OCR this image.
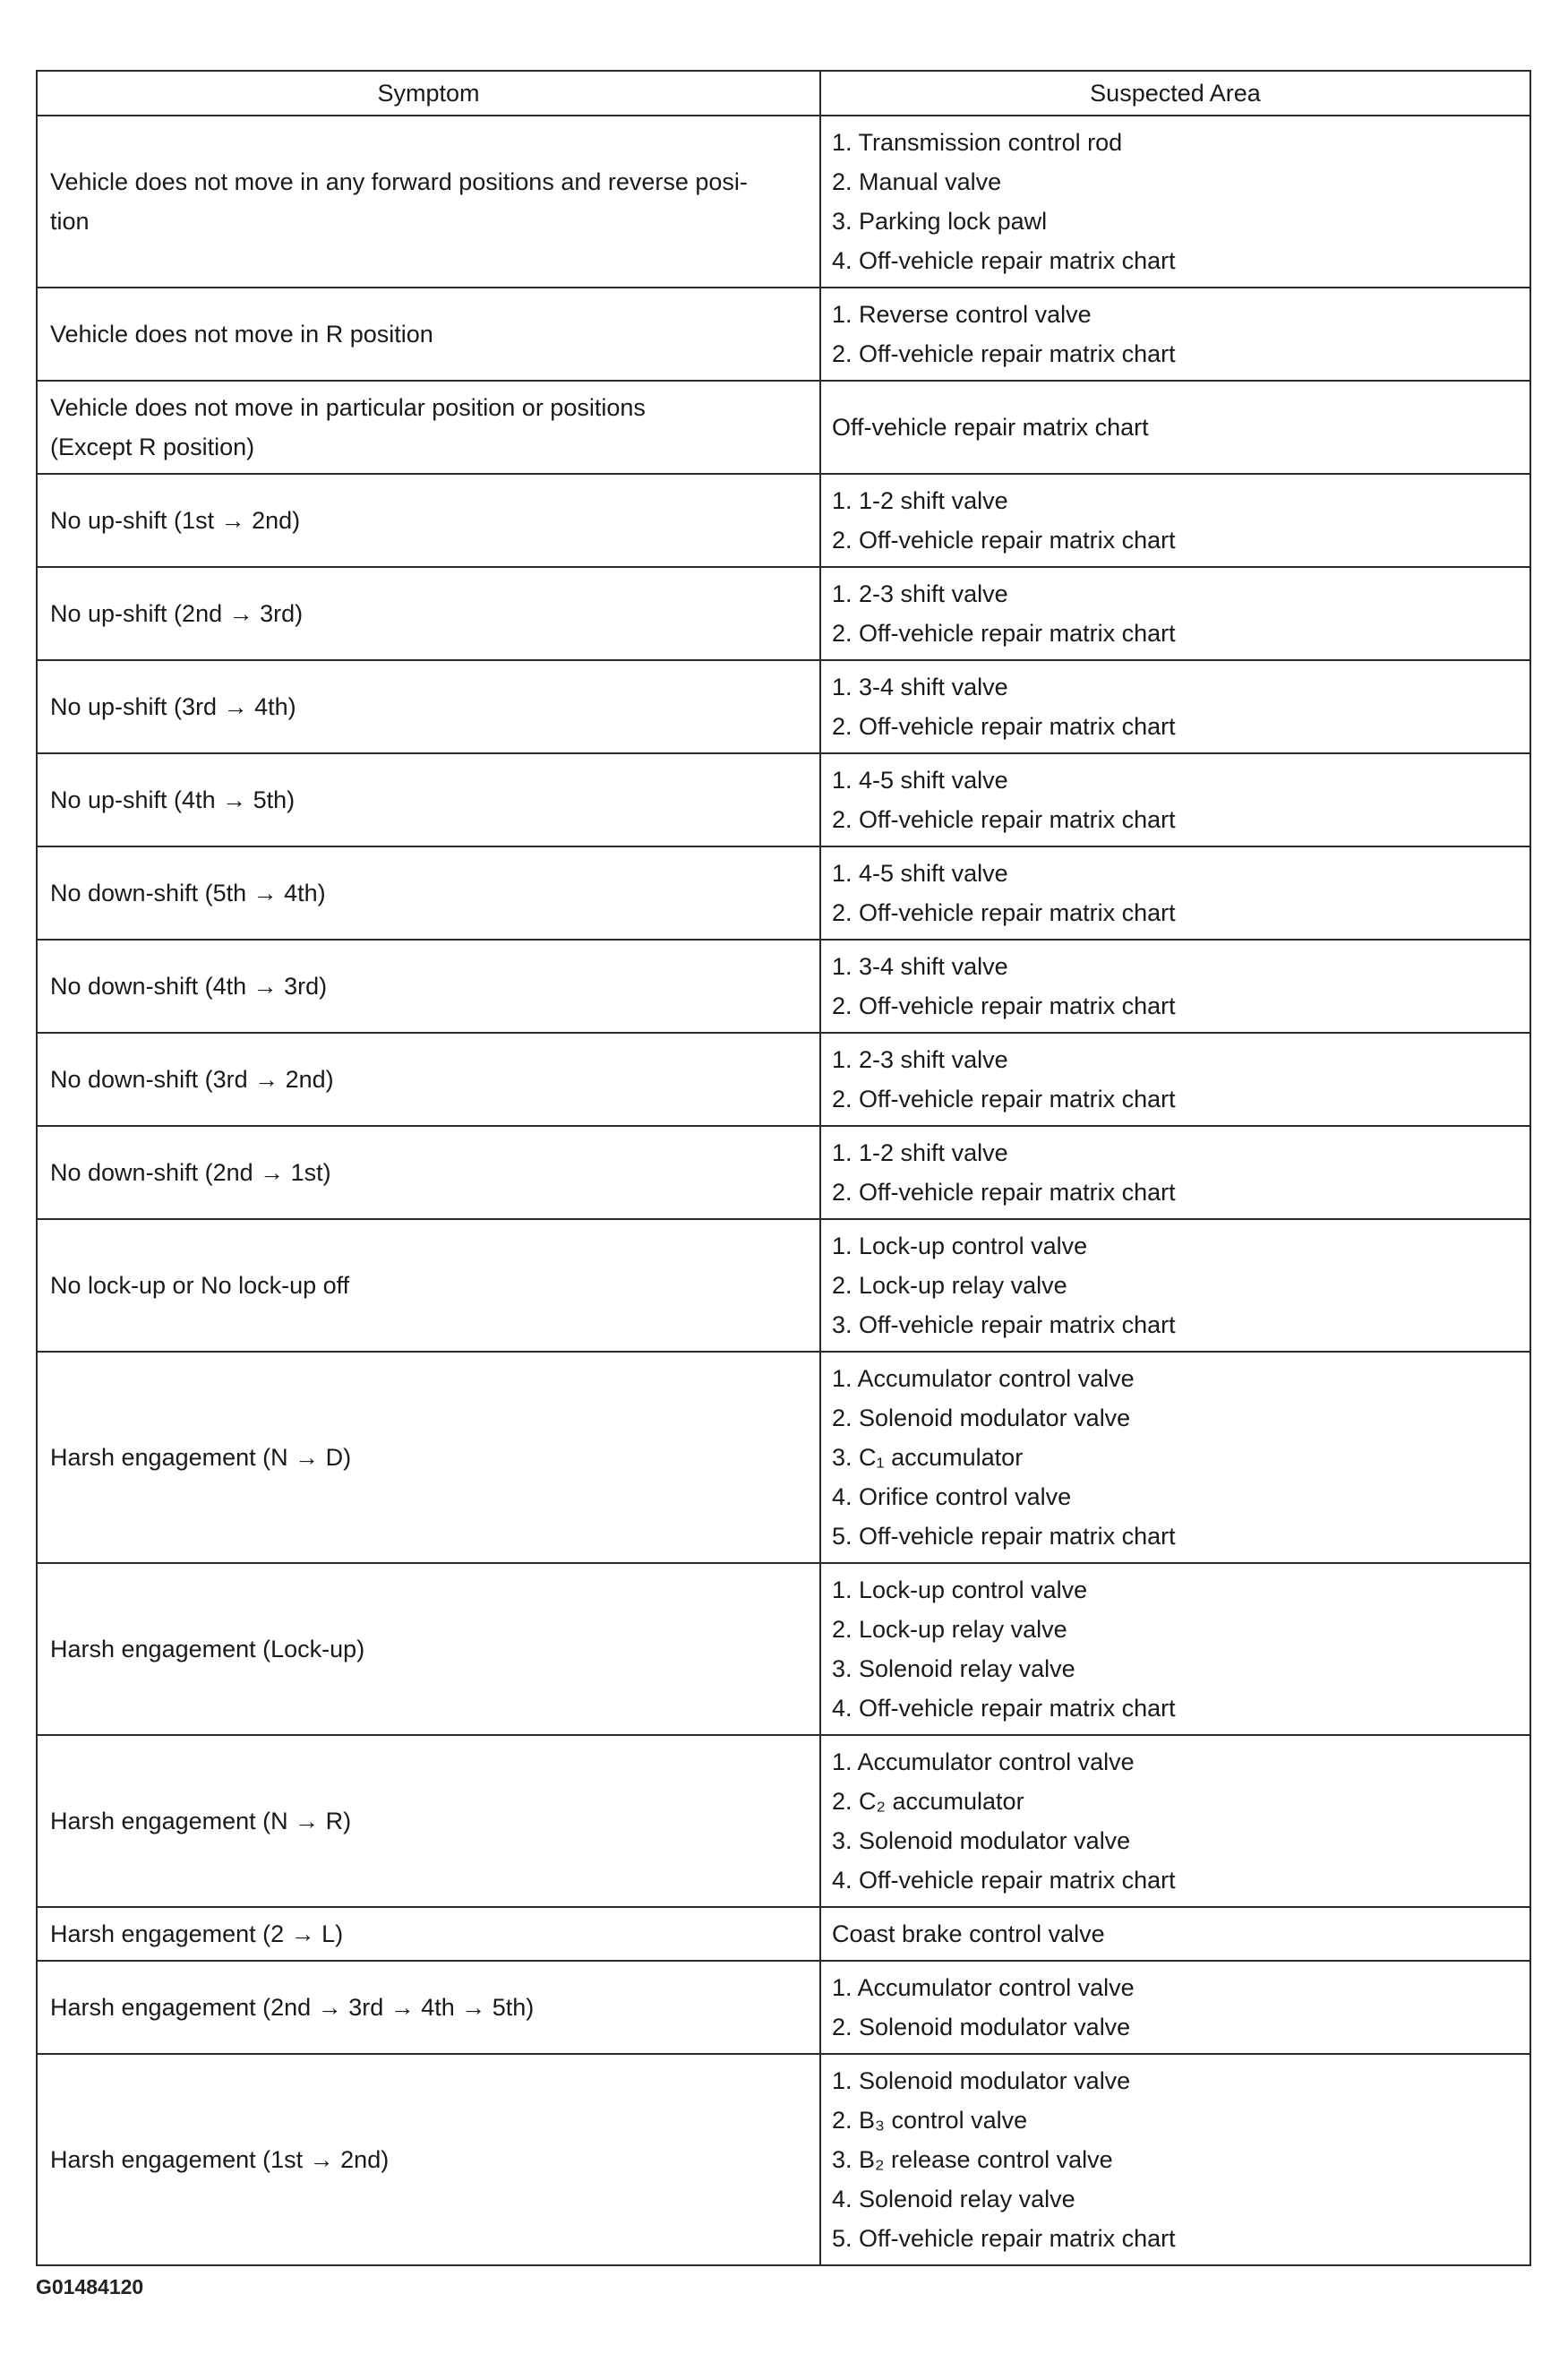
Symptom	Suspected Area

Vehicle does not move in any forward positions and reverse posi-
tion	1. Transmission control rod
2. Manual valve
3. Parking lock pawl
4. Off-vehicle repair matrix chart

Vehicle does not move in R position	1. Reverse control valve
2. Off-vehicle repair matrix chart

Vehicle does not move in particular position or positions
(Except R position)	Off-vehicle repair matrix chart

No up-shift (1st → 2nd)	1. 1-2 shift valve
2. Off-vehicle repair matrix chart

No up-shift (2nd → 3rd)	1. 2-3 shift valve
2. Off-vehicle repair matrix chart

No up-shift (3rd → 4th)	1. 3-4 shift valve
2. Off-vehicle repair matrix chart

No up-shift (4th → 5th)	1. 4-5 shift valve
2. Off-vehicle repair matrix chart

No down-shift (5th → 4th)	1. 4-5 shift valve
2. Off-vehicle repair matrix chart

No down-shift (4th → 3rd)	1. 3-4 shift valve
2. Off-vehicle repair matrix chart

No down-shift (3rd → 2nd)	1. 2-3 shift valve
2. Off-vehicle repair matrix chart

No down-shift (2nd → 1st)	1. 1-2 shift valve
2. Off-vehicle repair matrix chart

No lock-up or No lock-up off	1. Lock-up control valve
2. Lock-up relay valve
3. Off-vehicle repair matrix chart

Harsh engagement (N → D)	1. Accumulator control valve
2. Solenoid modulator valve
3. C₁ accumulator
4. Orifice control valve
5. Off-vehicle repair matrix chart

Harsh engagement (Lock-up)	1. Lock-up control valve
2. Lock-up relay valve
3. Solenoid relay valve
4. Off-vehicle repair matrix chart

Harsh engagement (N → R)	1. Accumulator control valve
2. C₂ accumulator
3. Solenoid modulator valve
4. Off-vehicle repair matrix chart

Harsh engagement (2 → L)	Coast brake control valve

Harsh engagement (2nd → 3rd → 4th → 5th)	1. Accumulator control valve
2. Solenoid modulator valve

Harsh engagement (1st → 2nd)	1. Solenoid modulator valve
2. B₃ control valve
3. B₂ release control valve
4. Solenoid relay valve
5. Off-vehicle repair matrix chart
G01484120
